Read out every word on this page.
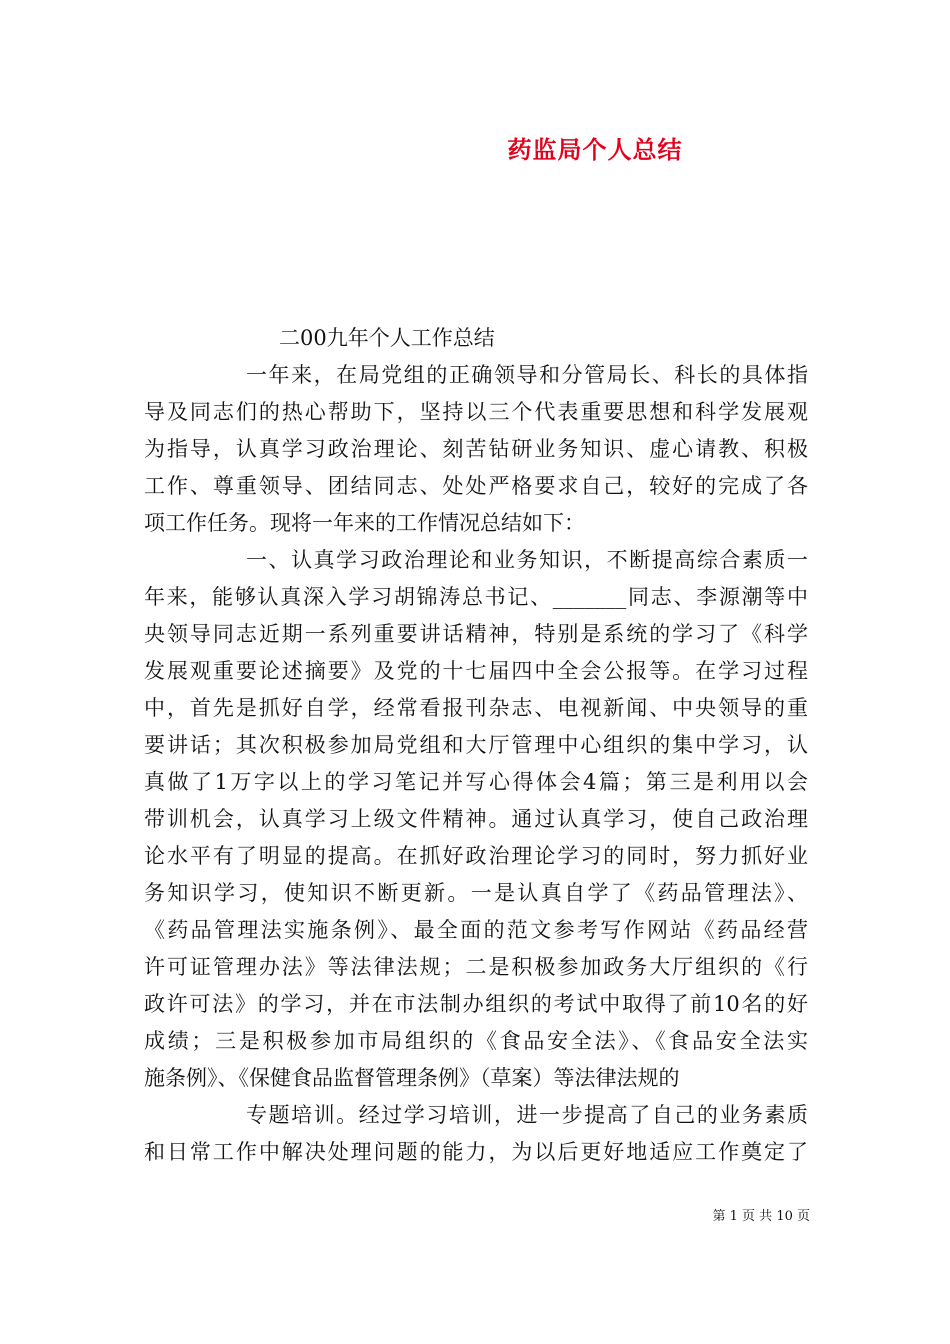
药监局个人总结
二00九年个人工作总结
一年来，在局党组的正确领导和分管局长、科长的具体指
导及同志们的热心帮助下，坚持以三个代表重要思想和科学发展观
为指导，认真学习政治理论、刻苦钻研业务知识、虚心请教、积极
工作、尊重领导、团结同志、处处严格要求自己，较好的完成了各
项工作任务。现将一年来的工作情况总结如下：
一、认真学习政治理论和业务知识，不断提高综合素质一
年来，能够认真深入学习胡锦涛总书记、_______同志、李源潮等中
央领导同志近期一系列重要讲话精神，特别是系统的学习了《科学
发展观重要论述摘要》及党的十七届四中全会公报等。在学习过程
中，首先是抓好自学，经常看报刊杂志、电视新闻、中央领导的重
要讲话；其次积极参加局党组和大厅管理中心组织的集中学习，认
真做了1万字以上的学习笔记并写心得体会4篇；第三是利用以会
带训机会，认真学习上级文件精神。通过认真学习，使自己政治理
论水平有了明显的提高。在抓好政治理论学习的同时，努力抓好业
务知识学习，使知识不断更新。一是认真自学了《药品管理法》、
《药品管理法实施条例》、最全面的范文参考写作网站《药品经营
许可证管理办法》等法律法规；二是积极参加政务大厅组织的《行
政许可法》的学习，并在市法制办组织的考试中取得了前10名的好
成绩；三是积极参加市局组织的《食品安全法》、《食品安全法实
施条例》、《保健食品监督管理条例》（草案）等法律法规的
专题培训。经过学习培训，进一步提高了自己的业务素质
和日常工作中解决处理问题的能力，为以后更好地适应工作奠定了
第 1 页 共 10 页
